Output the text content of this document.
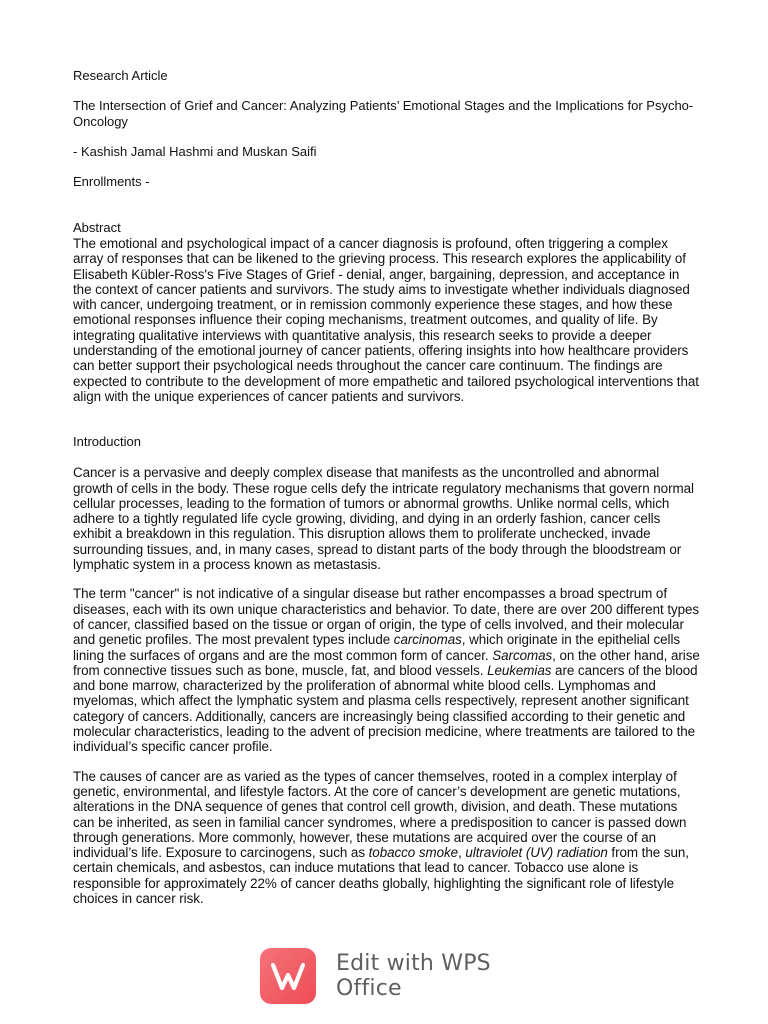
Research Article
The Intersection of Grief and Cancer: Analyzing Patients’ Emotional Stages and the Implications for Psycho-Oncology
- Kashish Jamal Hashmi and Muskan Saifi
Enrollments -
Abstract

The emotional and psychological impact of a cancer diagnosis is profound, often triggering a complex array of responses that can be likened to the grieving process. This research explores the applicability of Elisabeth Kübler-Ross's Five Stages of Grief - denial, anger, bargaining, depression, and acceptance in the context of cancer patients and survivors. The study aims to investigate whether individuals diagnosed with cancer, undergoing treatment, or in remission commonly experience these stages, and how these emotional responses influence their coping mechanisms, treatment outcomes, and quality of life. By integrating qualitative interviews with quantitative analysis, this research seeks to provide a deeper understanding of the emotional journey of cancer patients, offering insights into how healthcare providers can better support their psychological needs throughout the cancer care continuum. The findings are expected to contribute to the development of more empathetic and tailored psychological interventions that align with the unique experiences of cancer patients and survivors.

Introduction

Cancer is a pervasive and deeply complex disease that manifests as the uncontrolled and abnormal growth of cells in the body. These rogue cells defy the intricate regulatory mechanisms that govern normal cellular processes, leading to the formation of tumors or abnormal growths. Unlike normal cells, which adhere to a tightly regulated life cycle growing, dividing, and dying in an orderly fashion, cancer cells exhibit a breakdown in this regulation. This disruption allows them to proliferate unchecked, invade surrounding tissues, and, in many cases, spread to distant parts of the body through the bloodstream or lymphatic system in a process known as metastasis.

The term "cancer" is not indicative of a singular disease but rather encompasses a broad spectrum of diseases, each with its own unique characteristics and behavior. To date, there are over 200 different types of cancer, classified based on the tissue or organ of origin, the type of cells involved, and their molecular and genetic profiles. The most prevalent types include carcinomas, which originate in the epithelial cells lining the surfaces of organs and are the most common form of cancer. Sarcomas, on the other hand, arise from connective tissues such as bone, muscle, fat, and blood vessels. Leukemias are cancers of the blood and bone marrow, characterized by the proliferation of abnormal white blood cells. Lymphomas and myelomas, which affect the lymphatic system and plasma cells respectively, represent another significant category of cancers. Additionally, cancers are increasingly being classified according to their genetic and molecular characteristics, leading to the advent of precision medicine, where treatments are tailored to the individual’s specific cancer profile.

The causes of cancer are as varied as the types of cancer themselves, rooted in a complex interplay of genetic, environmental, and lifestyle factors. At the core of cancer’s development are genetic mutations, alterations in the DNA sequence of genes that control cell growth, division, and death. These mutations can be inherited, as seen in familial cancer syndromes, where a predisposition to cancer is passed down through generations. More commonly, however, these mutations are acquired over the course of an individual’s life. Exposure to carcinogens, such as tobacco smoke, ultraviolet (UV) radiation from the sun, certain chemicals, and asbestos, can induce mutations that lead to cancer. Tobacco use alone is responsible for approximately 22% of cancer deaths globally, highlighting the significant role of lifestyle choices in cancer risk.

Edit with WPS Office
